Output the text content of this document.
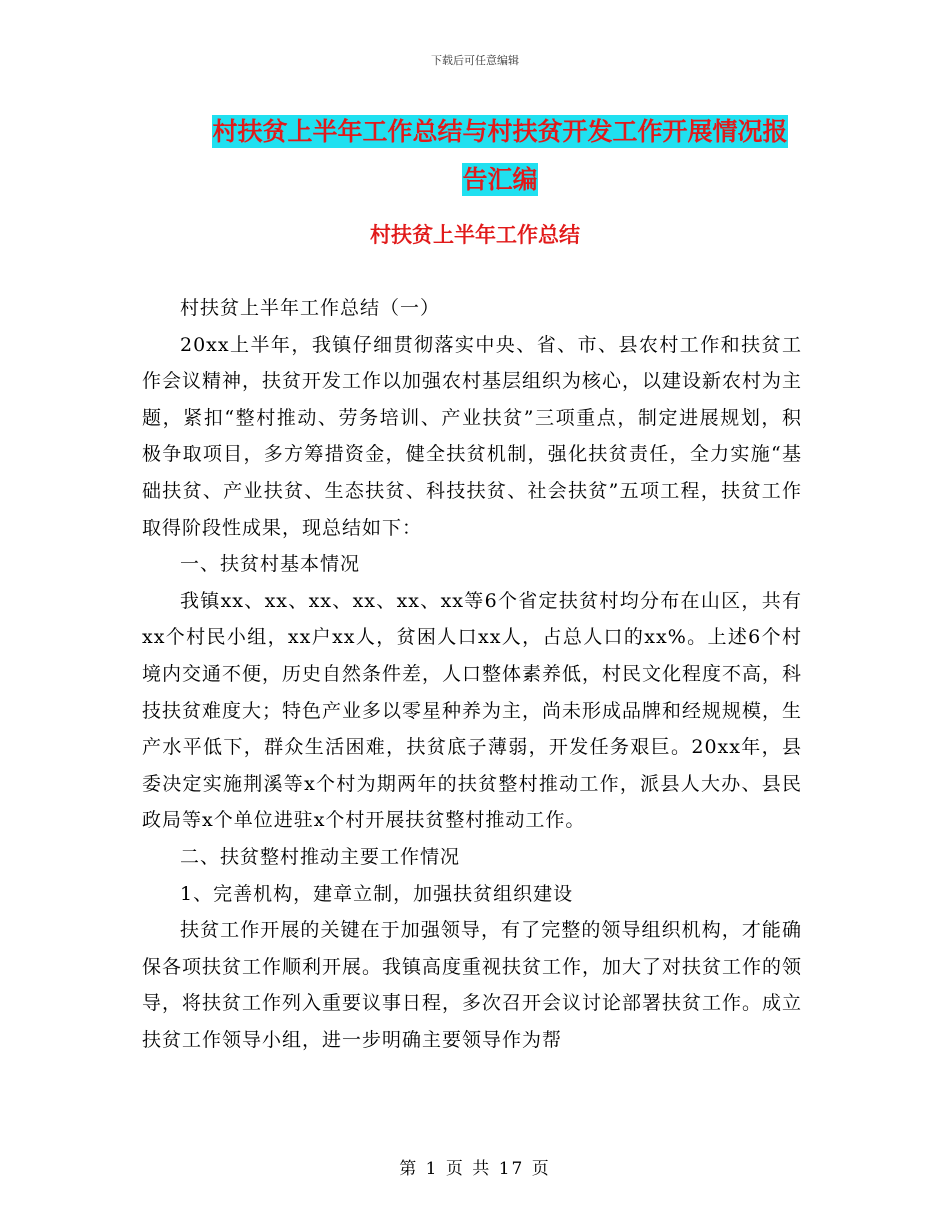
下载后可任意编辑
村扶贫上半年工作总结与村扶贫开发工作开展情况报
告汇编
村扶贫上半年工作总结

村扶贫上半年工作总结（一）

20xx上半年，我镇仔细贯彻落实中央、省、市、县农村工作和扶贫工作会议精神，扶贫开发工作以加强农村基层组织为核心，以建设新农村为主题，紧扣“整村推动、劳务培训、产业扶贫”三项重点，制定进展规划，积极争取项目，多方筹措资金，健全扶贫机制，强化扶贫责任，全力实施“基础扶贫、产业扶贫、生态扶贫、科技扶贫、社会扶贫”五项工程，扶贫工作取得阶段性成果，现总结如下：

一、扶贫村基本情况

我镇xx、xx、xx、xx、xx、xx等6个省定扶贫村均分布在山区，共有xx个村民小组，xx户xx人，贫困人口xx人，占总人口的xx%。上述6个村境内交通不便，历史自然条件差，人口整体素养低，村民文化程度不高，科技扶贫难度大；特色产业多以零星种养为主，尚未形成品牌和经规规模，生产水平低下，群众生活困难，扶贫底子薄弱，开发任务艰巨。20xx年，县委决定实施荆溪等x个村为期两年的扶贫整村推动工作，派县人大办、县民政局等x个单位进驻x个村开展扶贫整村推动工作。

二、扶贫整村推动主要工作情况

1、完善机构，建章立制，加强扶贫组织建设

扶贫工作开展的关键在于加强领导，有了完整的领导组织机构，才能确保各项扶贫工作顺利开展。我镇高度重视扶贫工作，加大了对扶贫工作的领导，将扶贫工作列入重要议事日程，多次召开会议讨论部署扶贫工作。成立扶贫工作领导小组，进一步明确主要领导作为帮

第 1 页 共 17 页
